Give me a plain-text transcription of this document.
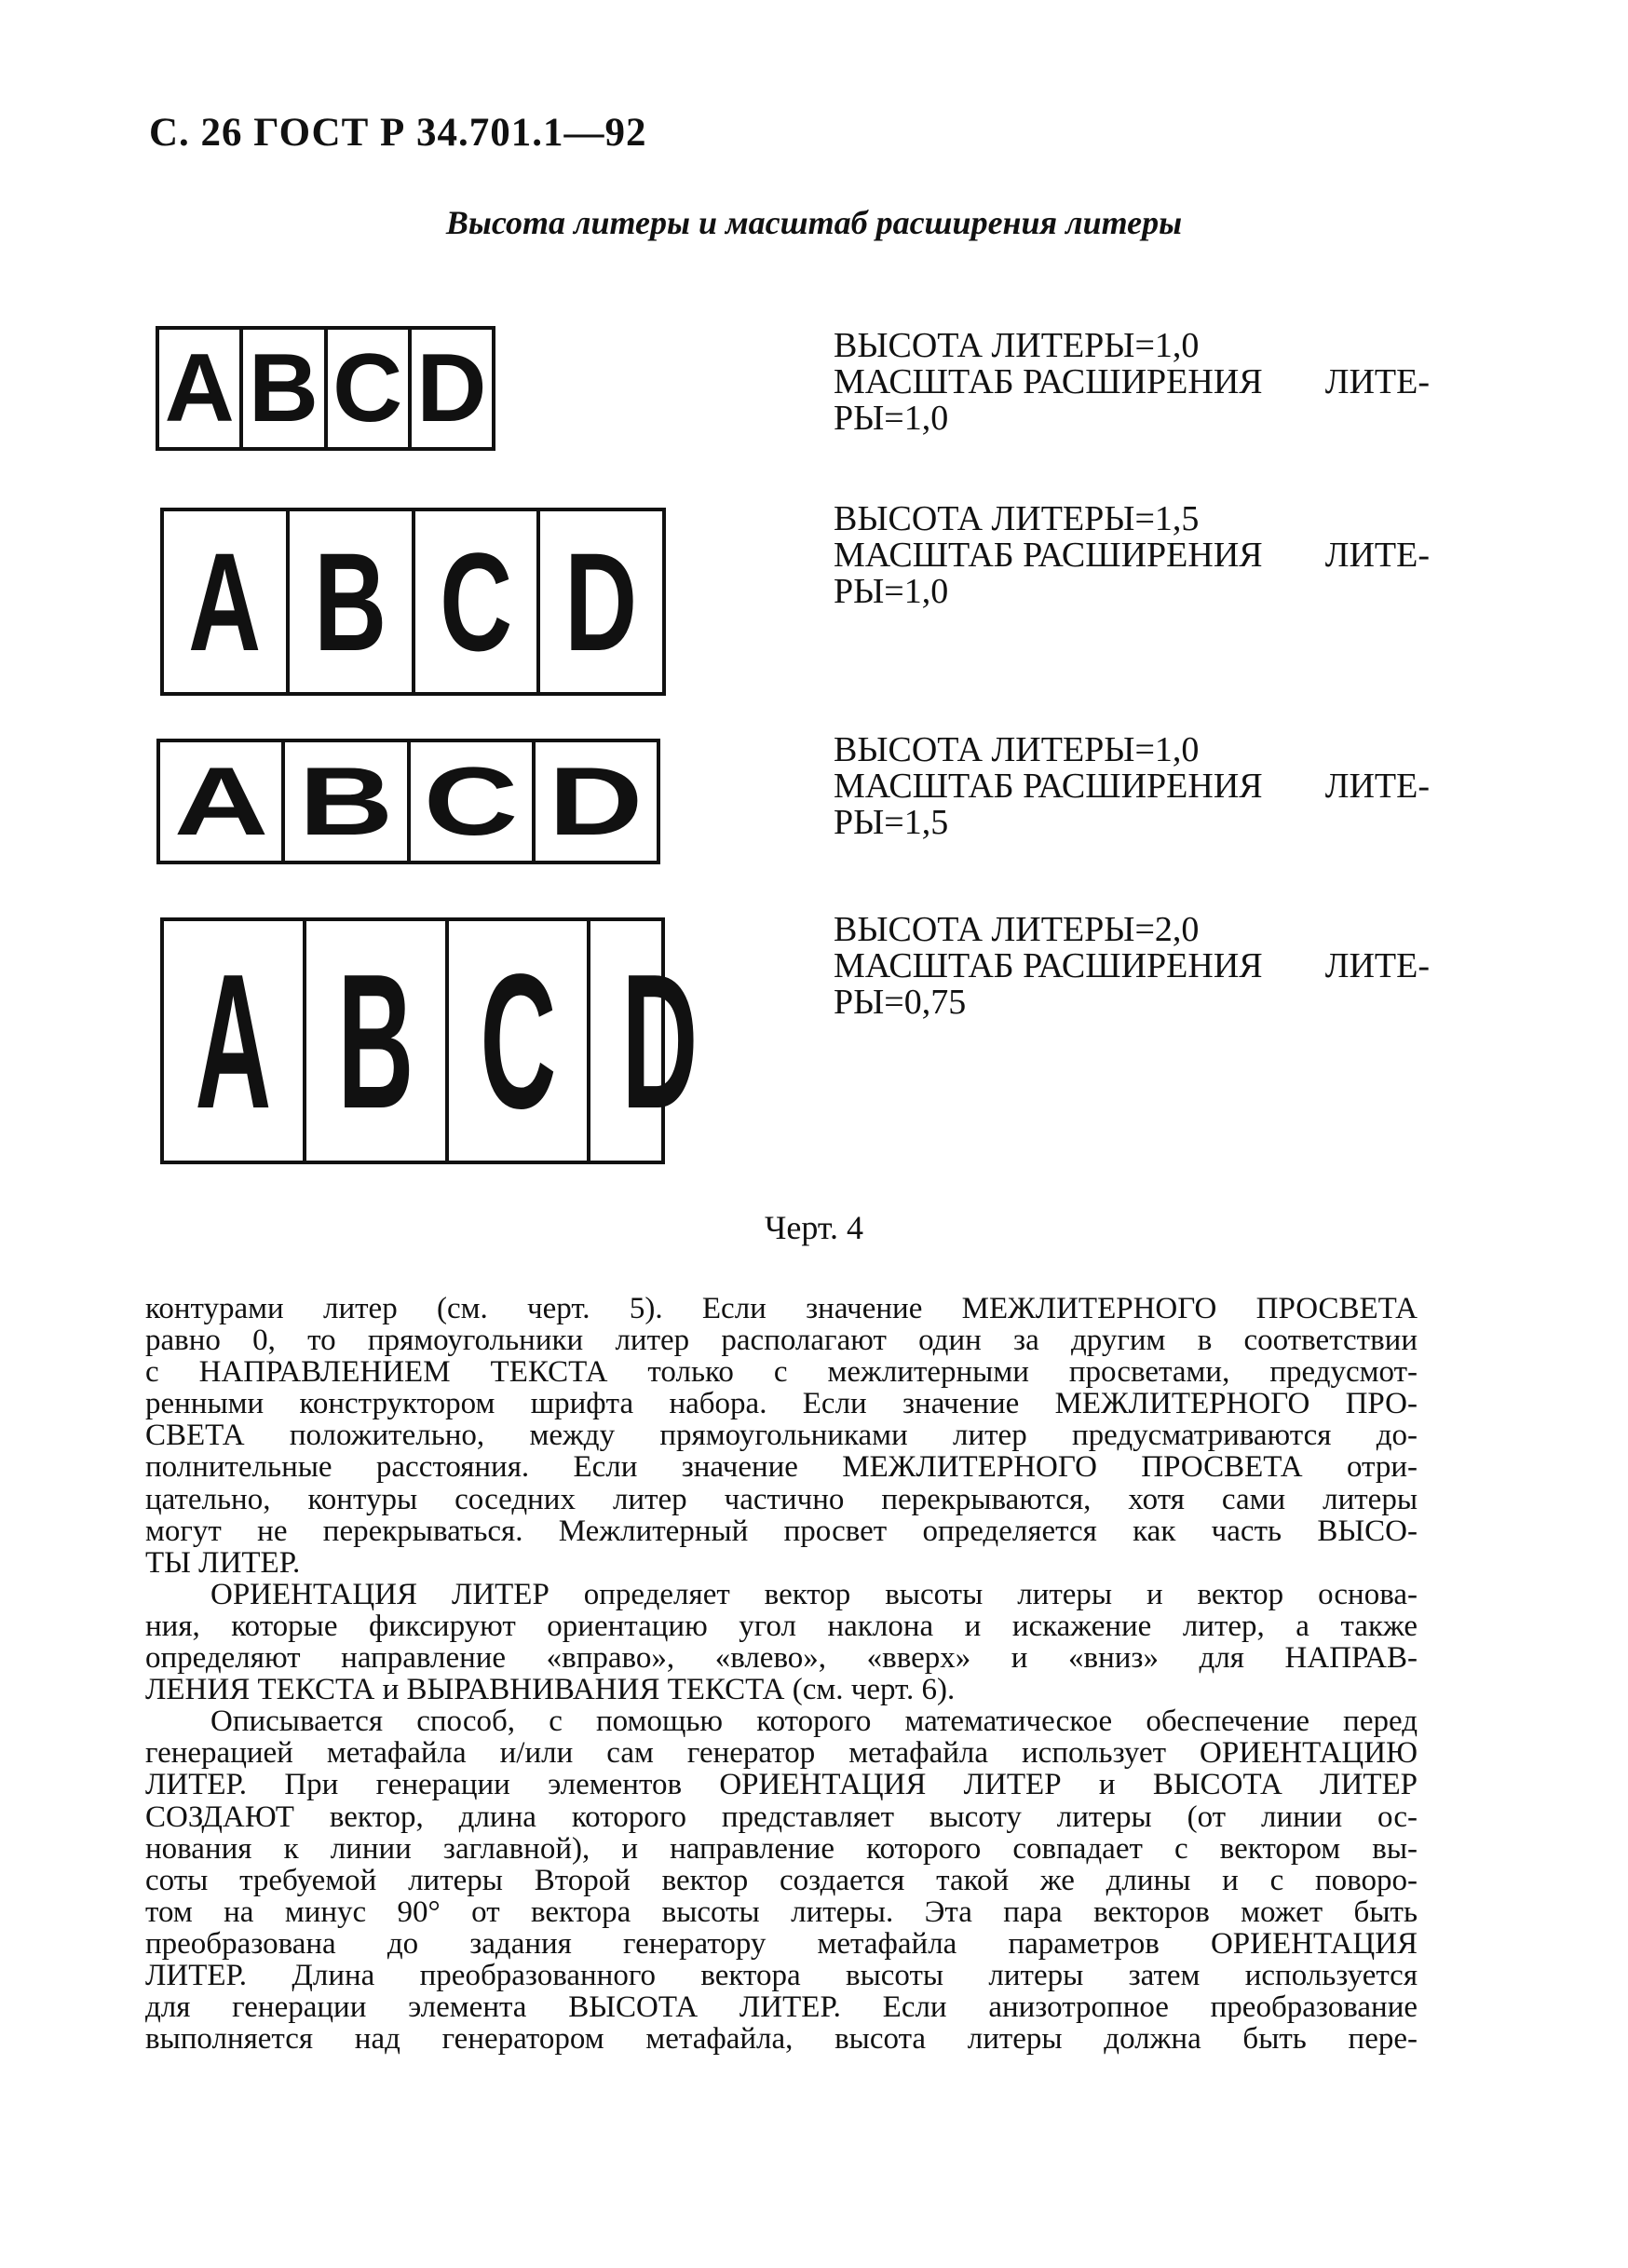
С. 26 ГОСТ Р 34.701.1—92
Высота литеры и масштаб расширения литеры
A B C D	ВЫСОТА ЛИТЕРЫ=1,0
МАСШТАБ РАСШИРЕНИЯ ЛИТЕ-
РЫ=1,0
A B C D
ВЫСОТА ЛИТЕРЫ=1,5
МАСШТАБ РАСШИРЕНИЯ ЛИТЕ-
РЫ=1,0
A B C D	ВЫСОТА ЛИТЕРЫ=1,0
МАСШТАБ РАСШИРЕНИЯ ЛИТЕ-
РЫ=1,5
A B C D
ВЫСОТА ЛИТЕРЫ=2,0
МАСШТАБ РАСШИРЕНИЯ ЛИТЕ-
РЫ=0,75
Черт. 4

контурами литер (см. черт. 5). Если значение МЕЖЛИТЕРНОГО ПРОСВЕТА

равно 0, то прямоугольники литер располагают один за другим в соответствии

с НАПРАВЛЕНИЕМ ТЕКСТА только с межлитерными просветами, предусмот-

ренными конструктором шрифта набора. Если значение МЕЖЛИТЕРНОГО ПРО-

СВЕТА положительно, между прямоугольниками литер предусматриваются до-

полнительные расстояния. Если значение МЕЖЛИТЕРНОГО ПРОСВЕТА отри-

цательно, контуры соседних литер частично перекрываются, хотя сами литеры

могут не перекрываться. Межлитерный просвет определяется как часть ВЫСО-

ТЫ ЛИТЕР.

ОРИЕНТАЦИЯ ЛИТЕР определяет вектор высоты литеры и вектор основа-

ния, которые фиксируют ориентацию угол наклона и искажение литер, а также

определяют направление «вправо», «влево», «вверх» и «вниз» для НАПРАВ-

ЛЕНИЯ ТЕКСТА и ВЫРАВНИВАНИЯ ТЕКСТА (см. черт. 6).

Описывается способ, с помощью которого математическое обеспечение перед

генерацией метафайла и/или сам генератор метафайла использует ОРИЕНТАЦИЮ

ЛИТЕР. При генерации элементов ОРИЕНТАЦИЯ ЛИТЕР и ВЫСОТА ЛИТЕР

СОЗДАЮТ вектор, длина которого представляет высоту литеры (от линии ос-

нования к линии заглавной), и направление которого совпадает с вектором вы-

соты требуемой литеры Второй вектор создается такой же длины и с поворо-

том на минус 90° от вектора высоты литеры. Эта пара векторов может быть

преобразована до задания генератору метафайла параметров ОРИЕНТАЦИЯ

ЛИТЕР. Длина преобразованного вектора высоты литеры затем используется

для генерации элемента ВЫСОТА ЛИТЕР. Если анизотропное преобразование

выполняется над генератором метафайла, высота литеры должна быть пере-
